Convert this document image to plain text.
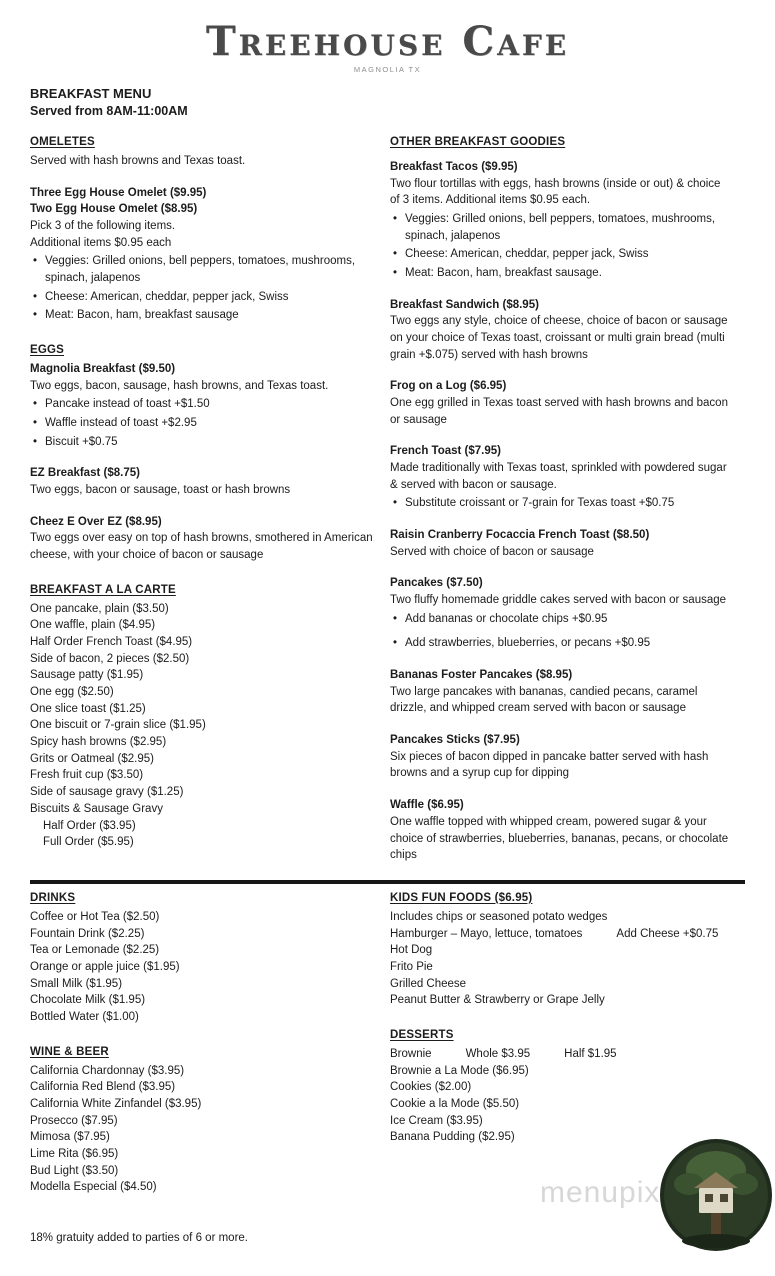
Treehouse Cafe
MAGNOLIA TX
BREAKFAST MENU
Served from 8AM-11:00AM
OMELETES
Served with hash browns and Texas toast.
Three Egg House Omelet ($9.95)
Two Egg House Omelet ($8.95)
Pick 3 of the following items.
Additional items $0.95 each
• Veggies: Grilled onions, bell peppers, tomatoes, mushrooms, spinach, jalapenos
• Cheese: American, cheddar, pepper jack, Swiss
• Meat: Bacon, ham, breakfast sausage
EGGS
Magnolia Breakfast ($9.50)
Two eggs, bacon, sausage, hash browns, and Texas toast.
• Pancake instead of toast +$1.50
• Waffle instead of toast +$2.95
• Biscuit +$0.75
EZ Breakfast ($8.75)
Two eggs, bacon or sausage, toast or hash browns
Cheez E Over EZ ($8.95)
Two eggs over easy on top of hash browns, smothered in American cheese, with your choice of bacon or sausage
BREAKFAST A LA CARTE
One pancake, plain ($3.50)
One waffle, plain ($4.95)
Half Order French Toast ($4.95)
Side of bacon, 2 pieces ($2.50)
Sausage patty ($1.95)
One egg ($2.50)
One slice toast ($1.25)
One biscuit or 7-grain slice ($1.95)
Spicy hash browns ($2.95)
Grits or Oatmeal ($2.95)
Fresh fruit cup ($3.50)
Side of sausage gravy ($1.25)
Biscuits & Sausage Gravy
Half Order ($3.95)
Full Order ($5.95)
OTHER BREAKFAST GOODIES
Breakfast Tacos ($9.95)
Two flour tortillas with eggs, hash browns (inside or out) & choice of 3 items. Additional items $0.95 each.
• Veggies: Grilled onions, bell peppers, tomatoes, mushrooms, spinach, jalapenos
• Cheese: American, cheddar, pepper jack, Swiss
• Meat: Bacon, ham, breakfast sausage.
Breakfast Sandwich ($8.95)
Two eggs any style, choice of cheese, choice of bacon or sausage on your choice of Texas toast, croissant or multi grain bread (multi grain +$.075) served with hash browns
Frog on a Log ($6.95)
One egg grilled in Texas toast served with hash browns and bacon or sausage
French Toast ($7.95)
Made traditionally with Texas toast, sprinkled with powdered sugar & served with bacon or sausage.
• Substitute croissant or 7-grain for Texas toast +$0.75
Raisin Cranberry Focaccia French Toast ($8.50)
Served with choice of bacon or sausage
Pancakes ($7.50)
Two fluffy homemade griddle cakes served with bacon or sausage
• Add bananas or chocolate chips +$0.95
• Add strawberries, blueberries, or pecans +$0.95
Bananas Foster Pancakes ($8.95)
Two large pancakes with bananas, candied pecans, caramel drizzle, and whipped cream served with bacon or sausage
Pancakes Sticks ($7.95)
Six pieces of bacon dipped in pancake batter served with hash browns and a syrup cup for dipping
Waffle ($6.95)
One waffle topped with whipped cream, powered sugar & your choice of strawberries, blueberries, bananas, pecans, or chocolate chips
DRINKS
Coffee or Hot Tea ($2.50)
Fountain Drink ($2.25)
Tea or Lemonade ($2.25)
Orange or apple juice ($1.95)
Small Milk ($1.95)
Chocolate Milk ($1.95)
Bottled Water ($1.00)
WINE & BEER
California Chardonnay ($3.95)
California Red Blend ($3.95)
California White Zinfandel ($3.95)
Prosecco ($7.95)
Mimosa ($7.95)
Lime Rita ($6.95)
Bud Light ($3.50)
Modella Especial ($4.50)
KIDS FUN FOODS ($6.95)
Includes chips or seasoned potato wedges
Hamburger – Mayo, lettuce, tomatoes	Add Cheese +$0.75
Hot Dog
Frito Pie
Grilled Cheese
Peanut Butter & Strawberry or Grape Jelly
DESSERTS
Brownie	Whole $3.95	Half $1.95
Brownie a La Mode ($6.95)
Cookies ($2.00)
Cookie a la Mode ($5.50)
Ice Cream ($3.95)
Banana Pudding ($2.95)
18% gratuity added to parties of 6 or more.
menupix
